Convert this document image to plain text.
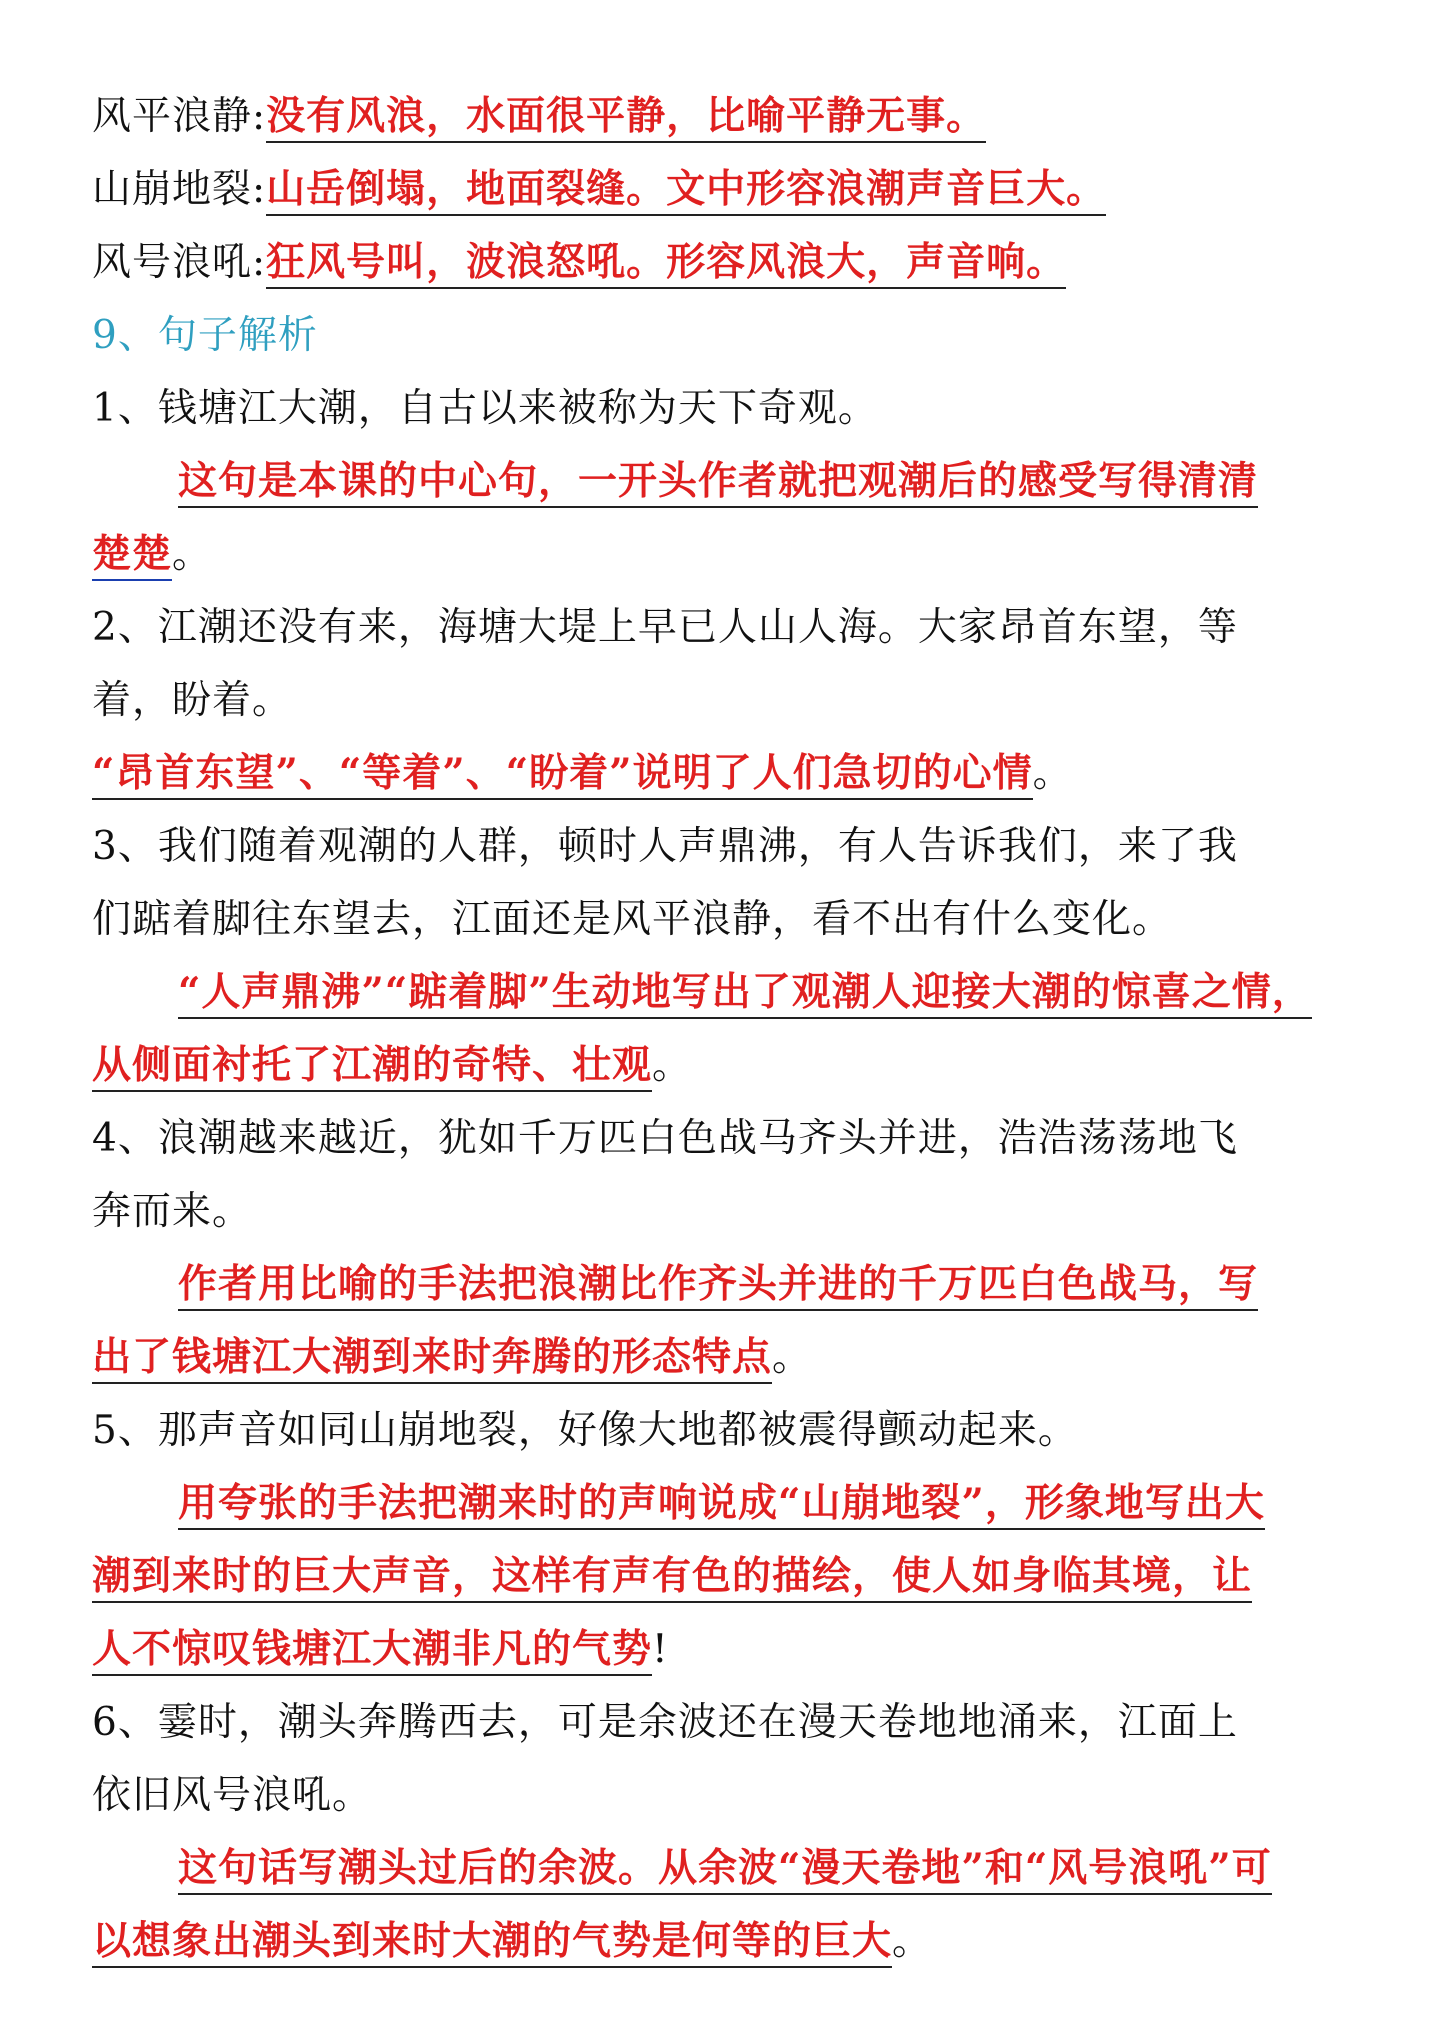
风平浪静:没有风浪，水面很平静，比喻平静无事。
山崩地裂:山岳倒塌，地面裂缝。文中形容浪潮声音巨大。
风号浪吼:狂风号叫，波浪怒吼。形容风浪大，声音响。
9、句子解析
1、钱塘江大潮，自古以来被称为天下奇观。
这句是本课的中心句，一开头作者就把观潮后的感受写得清清
楚楚。
2、江潮还没有来，海塘大堤上早已人山人海。大家昂首东望，等
着，盼着。
“昂首东望”、“等着”、“盼着”说明了人们急切的心情。
3、我们随着观潮的人群，顿时人声鼎沸，有人告诉我们，来了我
们踮着脚往东望去，江面还是风平浪静，看不出有什么变化。
“人声鼎沸”“踮着脚”生动地写出了观潮人迎接大潮的惊喜之情，
从侧面衬托了江潮的奇特、壮观。
4、浪潮越来越近，犹如千万匹白色战马齐头并进，浩浩荡荡地飞
奔而来。
作者用比喻的手法把浪潮比作齐头并进的千万匹白色战马，写
出了钱塘江大潮到来时奔腾的形态特点。
5、那声音如同山崩地裂，好像大地都被震得颤动起来。
用夸张的手法把潮来时的声响说成“山崩地裂”，形象地写出大
潮到来时的巨大声音，这样有声有色的描绘，使人如身临其境，让
人不惊叹钱塘江大潮非凡的气势!
6、霎时，潮头奔腾西去，可是余波还在漫天卷地地涌来，江面上
依旧风号浪吼。
这句话写潮头过后的余波。从余波“漫天卷地”和“风号浪吼”可
以想象出潮头到来时大潮的气势是何等的巨大。
